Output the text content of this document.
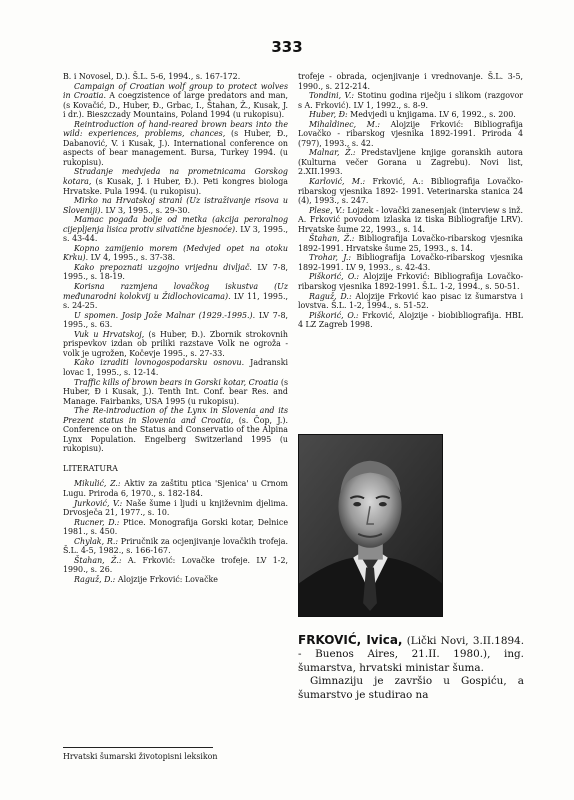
333

B. i Novosel, D.). Š.L. 5-6, 1994., s. 167-172.

Campaign of Croatian wolf group to protect wolves in Croatia. A coegzistence of large predators and man, (s Kovačić, D., Huber, Đ., Grbac, I., Štahan, Ž., Kusak, J. i dr.). Bieszczady Mountains, Poland 1994 (u rukopisu).

Reintroduction of hand-reared brown bears into the wild: experiences, problems, chances, (s Huber, Đ., Dabanović, V. i Kusak, J.). International conference on aspects of bear management. Bursa, Turkey 1994. (u rukopisu).

Stradanje medvjeda na prometnicama Gorskog kotara, (s Kusak, J. i Huber, Đ.). Peti kongres biologa Hrvatske. Pula 1994. (u rukopisu).

Mirko na Hrvatskoj strani (Uz istraživanje risova u Sloveniji). LV 3, 1995., s. 29-30.

Mamac pogađa bolje od metka (akcija peroralnog cijepljenja lisica protiv silvatične bjesnoće). LV 3, 1995., s. 43-44.

Kopno zamijenio morem (Medvjed opet na otoku Krku). LV 4, 1995., s. 37-38.

Kako prepoznati uzgojno vrijednu divljač. LV 7-8, 1995., s. 18-19.

Korisna razmjena lovačkog iskustva (Uz međunarodni kolokvij u Židlochovicama). LV 11, 1995., s. 24-25.

U spomen. Josip Jože Malnar (1929.-1995.). LV 7-8, 1995., s. 63.

Vuk u Hrvatskoj, (s Huber, Đ.). Zbornik strokovnih prispevkov izdan ob priliki razstave Volk ne ogroža - volk je ugrožen, Kočevje 1995., s. 27-33.

Kako izraditi lovnogospodarsku osnovu. Jadranski lovac 1, 1995., s. 12-14.

Traffic kills of brown bears in Gorski kotar, Croatia (s Huber, Đ i Kusak, J.). Tenth Int. Conf. bear Res. and Manage. Fairbanks, USA 1995 (u rukopisu).

The Re-introduction of the Lynx in Slovenia and its Prezent status in Slovenia and Croatia, (s. Čop, J.). Conference on the Status and Conservatio of the Alpina Lynx Population. Engelberg Switzerland 1995 (u rukopisu).

LITERATURA

Mikulić, Z.: Aktiv za zaštitu ptica 'Sjenica' u Crnom Lugu. Priroda 6, 1970., s. 182-184.

Jurković, V.: Naše šume i ljudi u književnim djelima. Drvosječa 21, 1977., s. 10.

Rucner, D.: Ptice. Monografija Gorski kotar, Delnice 1981., s. 450.

Chylak, R.: Priručnik za ocjenjivanje lovačkih trofeja. Š.L. 4-5, 1982., s. 166-167.

Štahan, Ž.: A. Frković: Lovačke trofeje. LV 1-2, 1990., s. 26.

Raguž, D.: Alojzije Frković: Lovačke

trofeje - obrada, ocjenjivanje i vrednovanje. Š.L. 3-5, 1990., s. 212-214.

Tondini, V.: Stotinu godina riječju i slikom (razgovor s A. Frković). LV 1, 1992., s. 8-9.

Huber, Đ: Medvjedi u knjigama. LV 6, 1992., s. 200.

Mihaldinec, M.: Alojzije Frković: Bibliografija Lovačko - ribarskog vjesnika 1892-1991. Priroda 4 (797), 1993., s. 42.

Malnar, Ž.: Predstavljene knjige goranskih autora (Kulturna večer Gorana u Zagrebu). Novi list, 2.XII.1993.

Karlović, M.: Frković, A.: Bibliografija Lovačko-ribarskog vjesnika 1892- 1991. Veterinarska stanica 24 (4), 1993., s. 247.

Plese, V.: Lojzek - lovački zanesenjak (interview s inž. A. Frković povodom izlaska iz tiska Bibliografije LRV). Hrvatske šume 22, 1993., s. 14.

Štahan, Ž.: Bibliografija Lovačko-ribarskog vjesnika 1892-1991. Hrvatske šume 25, 1993., s. 14.

Trohar, J.: Bibliografija Lovačko-ribarskog vjesnika 1892-1991. LV 9, 1993., s. 42-43.

Piškorić, O.: Alojzije Frković: Bibliografija Lovačko-ribarskog vjesnika 1892-1991. Š.L. 1-2, 1994., s. 50-51.

Raguž, D.: Alojzije Frković kao pisac iz šumarstva i lovstva. Š.L. 1-2, 1994., s. 51-52.

Piškorić, O.: Frković, Alojzije - biobibliografija. HBL 4 LZ Zagreb 1998.

FRKOVIĆ, Ivica, (Lički Novi, 3.II.1894. - Buenos Aires, 21.II. 1980.), ing. šumarstva, hrvatski ministar šuma.

Gimnaziju je završio u Gospiću, a šumarstvo je studirao na

Hrvatski šumarski životopisni leksikon
